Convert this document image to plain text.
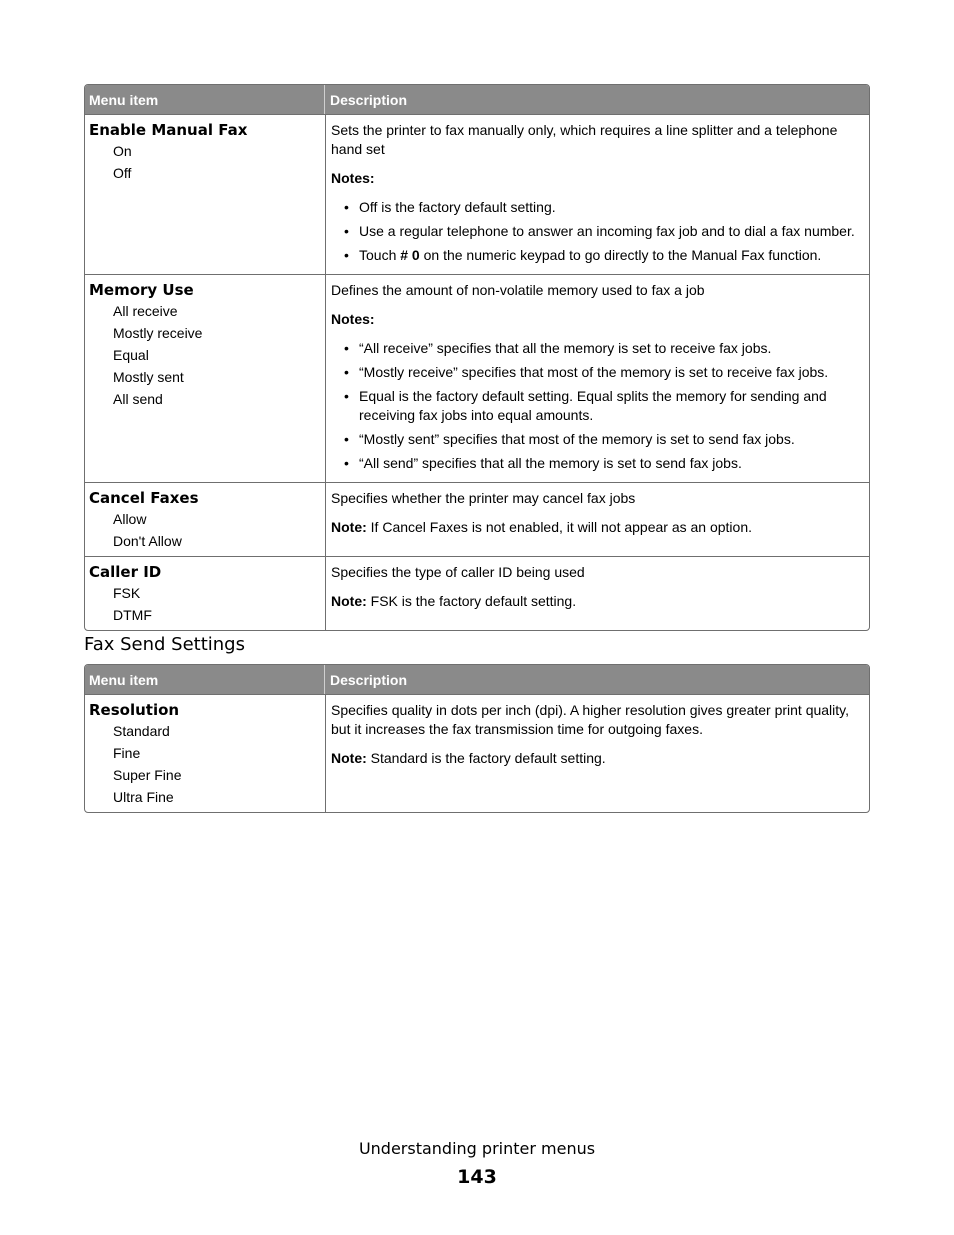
Menu item	Description
Enable Manual Fax
On
Off
Sets the printer to fax manually only, which requires a line splitter and a telephone hand set
Notes:
• Off is the factory default setting.
• Use a regular telephone to answer an incoming fax job and to dial a fax number.
• Touch # 0 on the numeric keypad to go directly to the Manual Fax function.
Memory Use
All receive
Mostly receive
Equal
Mostly sent
All send
Defines the amount of non-volatile memory used to fax a job
Notes:
• “All receive” specifies that all the memory is set to receive fax jobs.
• “Mostly receive” specifies that most of the memory is set to receive fax jobs.
• Equal is the factory default setting. Equal splits the memory for sending and receiving fax jobs into equal amounts.
• “Mostly sent” specifies that most of the memory is set to send fax jobs.
• “All send” specifies that all the memory is set to send fax jobs.
Cancel Faxes
Allow
Don't Allow
Specifies whether the printer may cancel fax jobs
Note: If Cancel Faxes is not enabled, it will not appear as an option.
Caller ID
FSK
DTMF
Specifies the type of caller ID being used
Note: FSK is the factory default setting.
Fax Send Settings
Menu item	Description
Resolution
Standard
Fine
Super Fine
Ultra Fine
Specifies quality in dots per inch (dpi). A higher resolution gives greater print quality, but it increases the fax transmission time for outgoing faxes.
Note: Standard is the factory default setting.
Understanding printer menus
143
